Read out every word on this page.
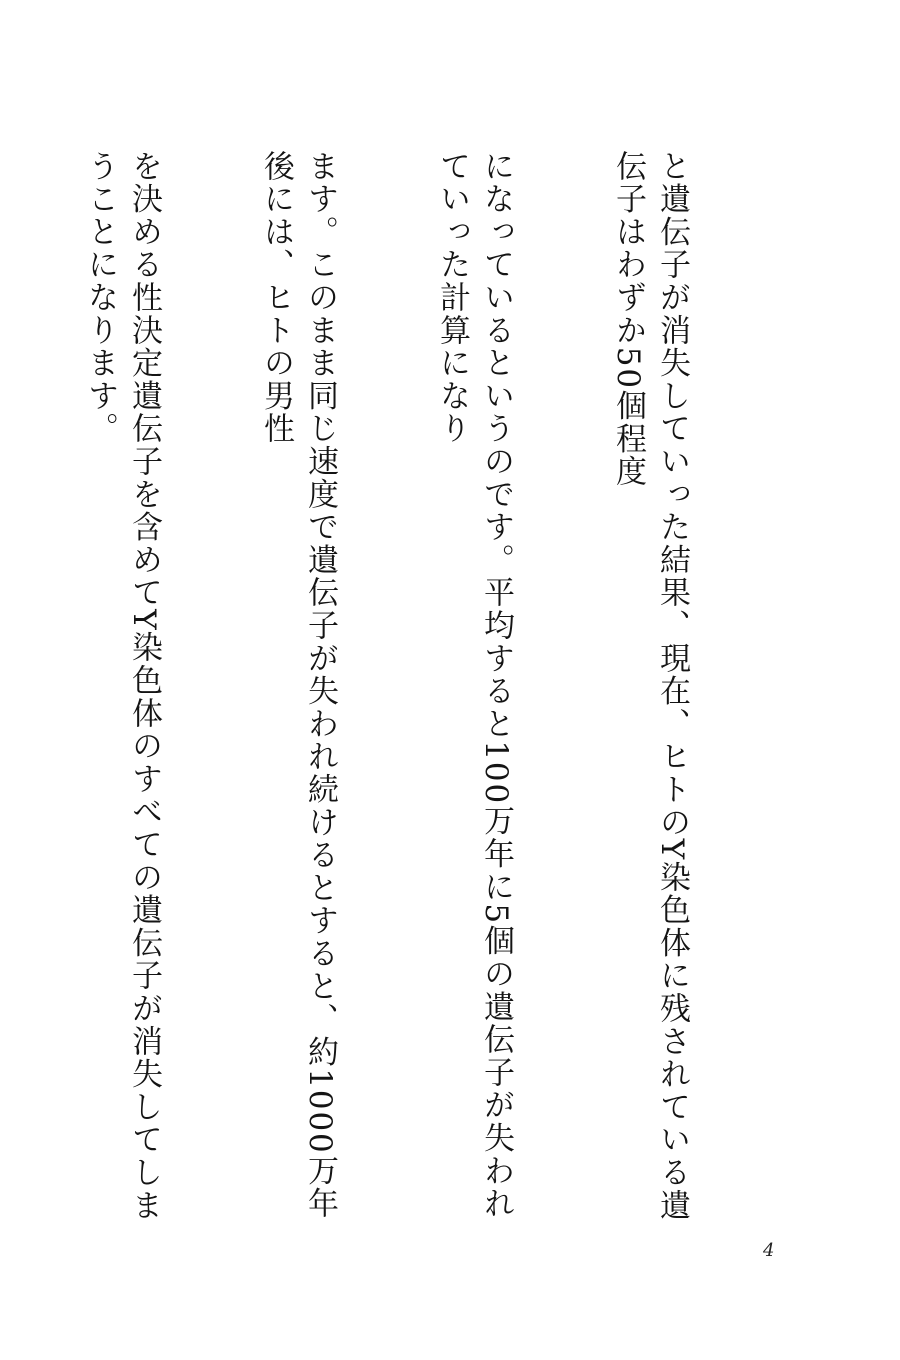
と遺伝子が消失していった結果、現在、ヒトのY染色体に残されている遺伝子はわずか50個程度

になっているというのです。平均すると100万年に5個の遺伝子が失われていった計算になり

ます。このまま同じ速度で遺伝子が失われ続けるとすると、約1000万年後には、ヒトの男性

を決める性決定遺伝子を含めてY染色体のすべての遺伝子が消失してしまうことになります。

4
